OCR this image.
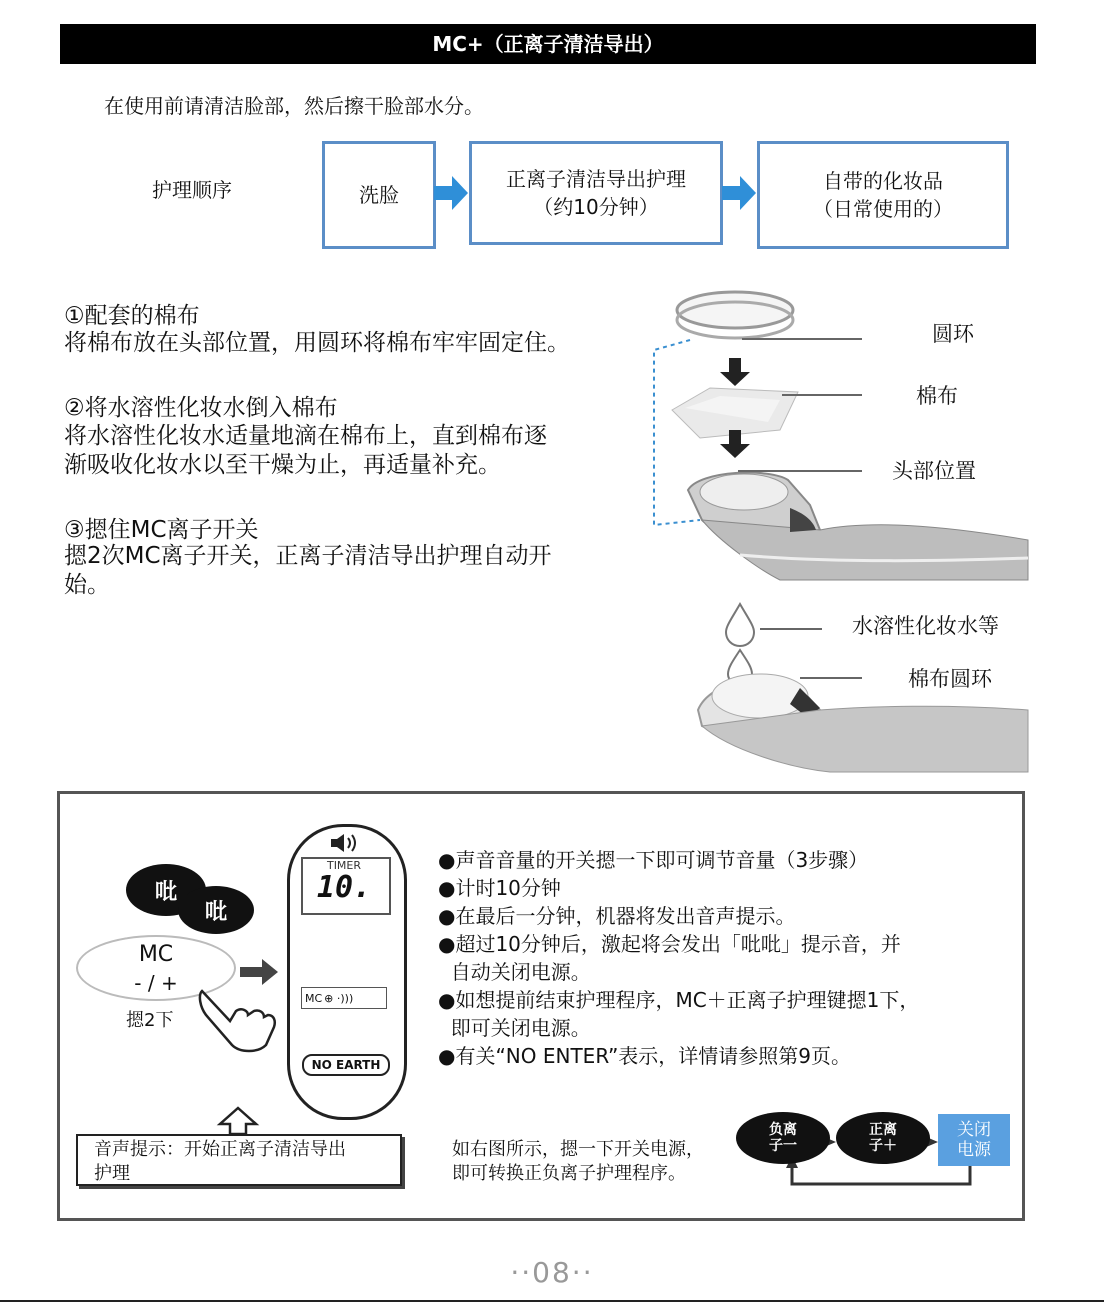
MC+（正离子清洁导出）
在使用前请清洁脸部，然后擦干脸部水分。
护理顺序	洗脸
正离子清洁导出护理
（约10分钟）
自带的化妆品
（日常使用的）
①配套的棉布
将棉布放在头部位置，用圆环将棉布牢牢固定住。
②将水溶性化妆水倒入棉布
将水溶性化妆水适量地滴在棉布上，直到棉布逐
渐吸收化妆水以至干燥为止，再适量补充。
③摁住MC离子开关
摁2次MC离子开关，正离子清洁导出护理自动开
始。
圆环
棉布
头部位置
水溶性化妆水等
棉布圆环
吡
吡
MC
- / +
摁2下
TIMER
10.
MC ⊕ ·)))
NO EARTH
音声提示：开始正离子清洁导出
护理
●声音音量的开关摁一下即可调节音量（3步骤）
●计时10分钟
●在最后一分钟，机器将发出音声提示。
●超过10分钟后，激起将会发出「吡吡」提示音，并
自动关闭电源。
●如想提前结束护理程序，MC＋正离子护理键摁1下，
即可关闭电源。
●有关“NO ENTER”表示，详情请参照第9页。
如右图所示，摁一下开关电源，
即可转换正负离子护理程序。
负离
子一
正离
子＋
关闭
电源
··08··
